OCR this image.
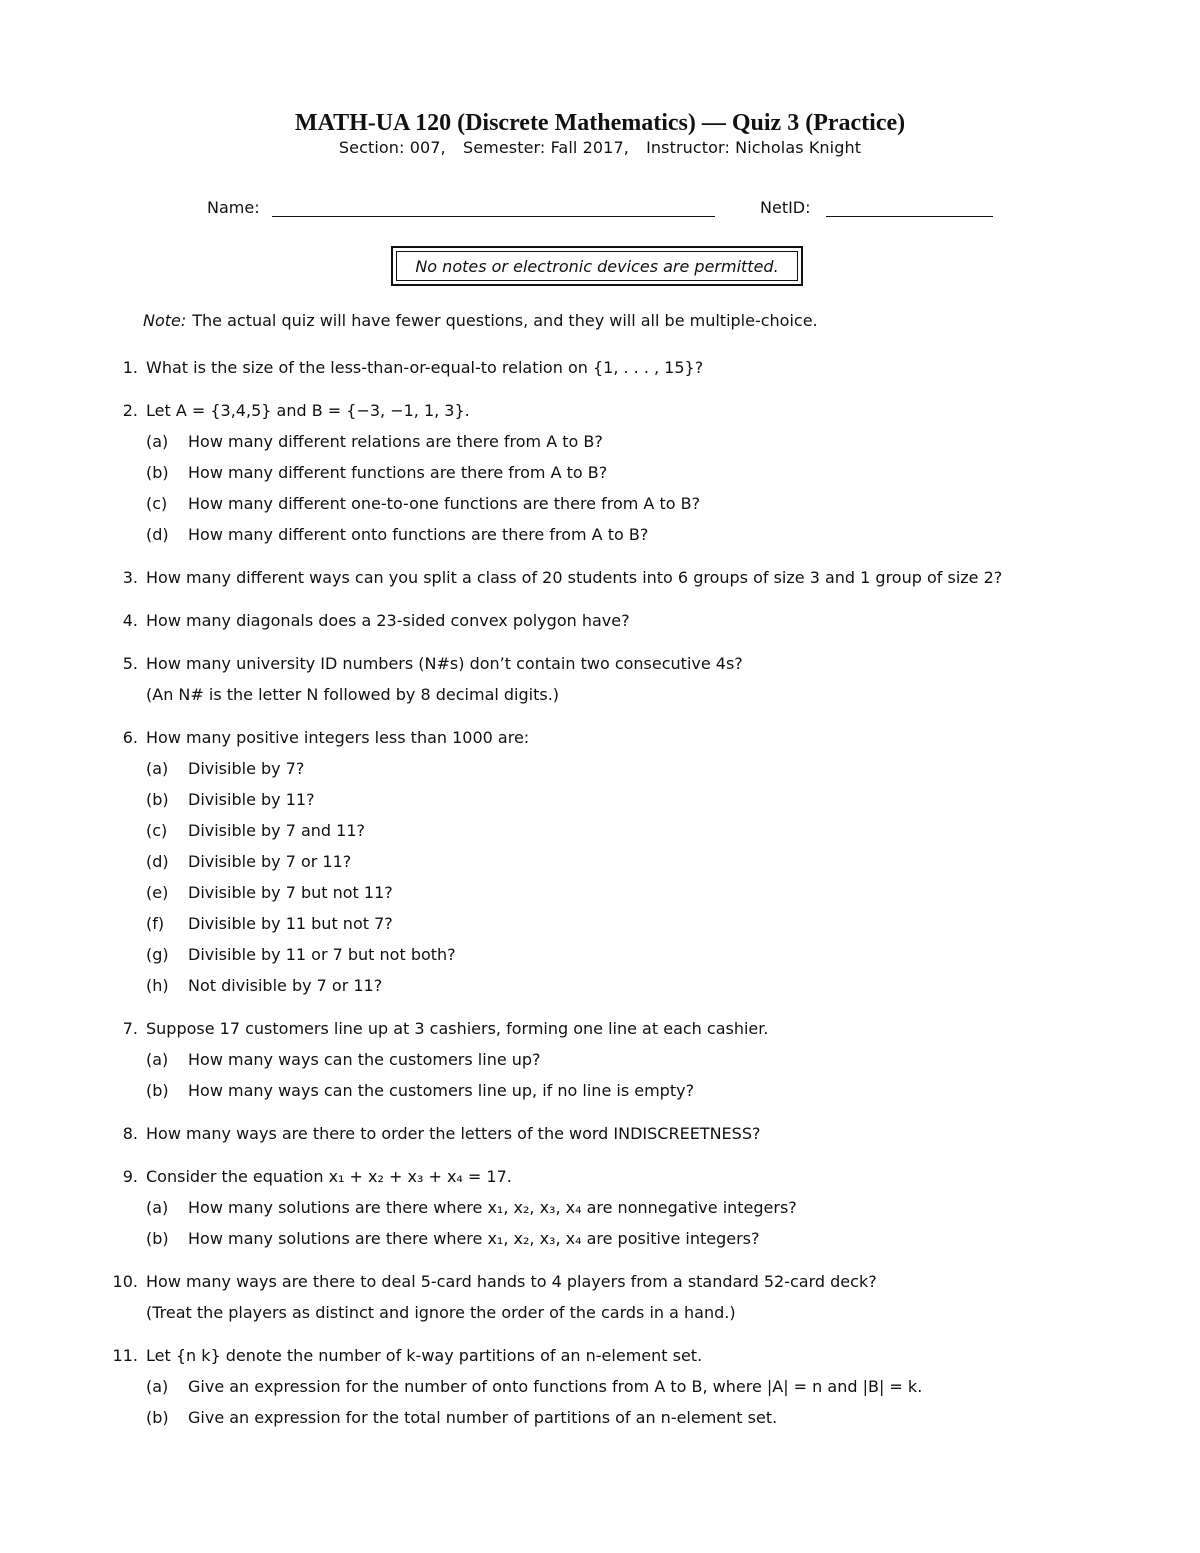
MATH-UA 120 (Discrete Mathematics) — Quiz 3 (Practice)
Section: 007, Semester: Fall 2017, Instructor: Nicholas Knight
Name:	NetID:
No notes or electronic devices are permitted.
Note: The actual quiz will have fewer questions, and they will all be multiple-choice.
1. What is the size of the less-than-or-equal-to relation on {1, . . . , 15}?
2. Let A = {3,4,5} and B = {−3, −1, 1, 3}.
(a)	How many different relations are there from A to B?
(b)	How many different functions are there from A to B?
(c)	How many different one-to-one functions are there from A to B?
(d)	How many different onto functions are there from A to B?
3. How many different ways can you split a class of 20 students into 6 groups of size 3 and 1 group of size 2?
4. How many diagonals does a 23-sided convex polygon have?
5. How many university ID numbers (N#s) don’t contain two consecutive 4s?
(An N# is the letter N followed by 8 decimal digits.)
6. How many positive integers less than 1000 are:
(a)	Divisible by 7?
(b)	Divisible by 11?
(c)	Divisible by 7 and 11?
(d)	Divisible by 7 or 11?
(e)	Divisible by 7 but not 11?
(f)	Divisible by 11 but not 7?
(g)	Divisible by 11 or 7 but not both?
(h)	Not divisible by 7 or 11?
7. Suppose 17 customers line up at 3 cashiers, forming one line at each cashier.
(a)	How many ways can the customers line up?
(b)	How many ways can the customers line up, if no line is empty?
8. How many ways are there to order the letters of the word INDISCREETNESS?
9. Consider the equation x₁ + x₂ + x₃ + x₄ = 17.
(a)	How many solutions are there where x₁, x₂, x₃, x₄ are nonnegative integers?
(b)	How many solutions are there where x₁, x₂, x₃, x₄ are positive integers?
10. How many ways are there to deal 5-card hands to 4 players from a standard 52-card deck?
(Treat the players as distinct and ignore the order of the cards in a hand.)
11. Let {n k} denote the number of k-way partitions of an n-element set.
(a)	Give an expression for the number of onto functions from A to B, where |A| = n and |B| = k.
(b)	Give an expression for the total number of partitions of an n-element set.
